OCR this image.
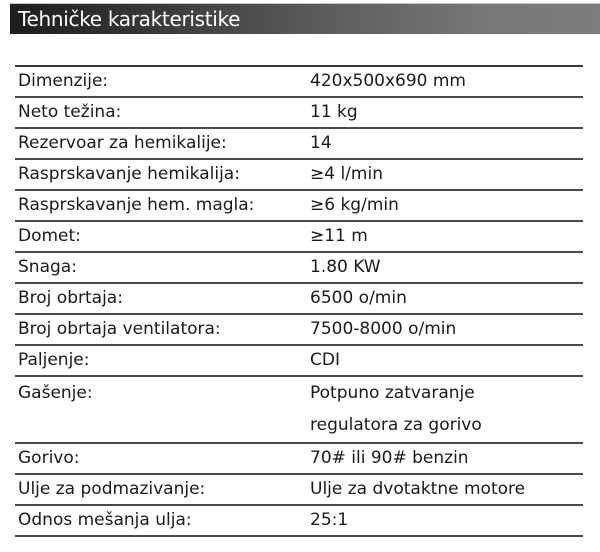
Tehničke karakteristike
Dimenzije:	420x500x690 mm
Neto težina:	11 kg
Rezervoar za hemikalije:	14
Rasprskavanje hemikalija:	≥4 l/min
Rasprskavanje hem. magla:	≥6 kg/min
Domet:	≥11 m
Snaga:	1.80 KW
Broj obrtaja:	6500 o/min
Broj obrtaja ventilatora:	7500-8000 o/min
Paljenje:	CDI
Gašenje:	Potpuno zatvaranje
regulatora za gorivo
Gorivo:	70# ili 90# benzin
Ulje za podmazivanje:	Ulje za dvotaktne motore
Odnos mešanja ulja:	25:1
